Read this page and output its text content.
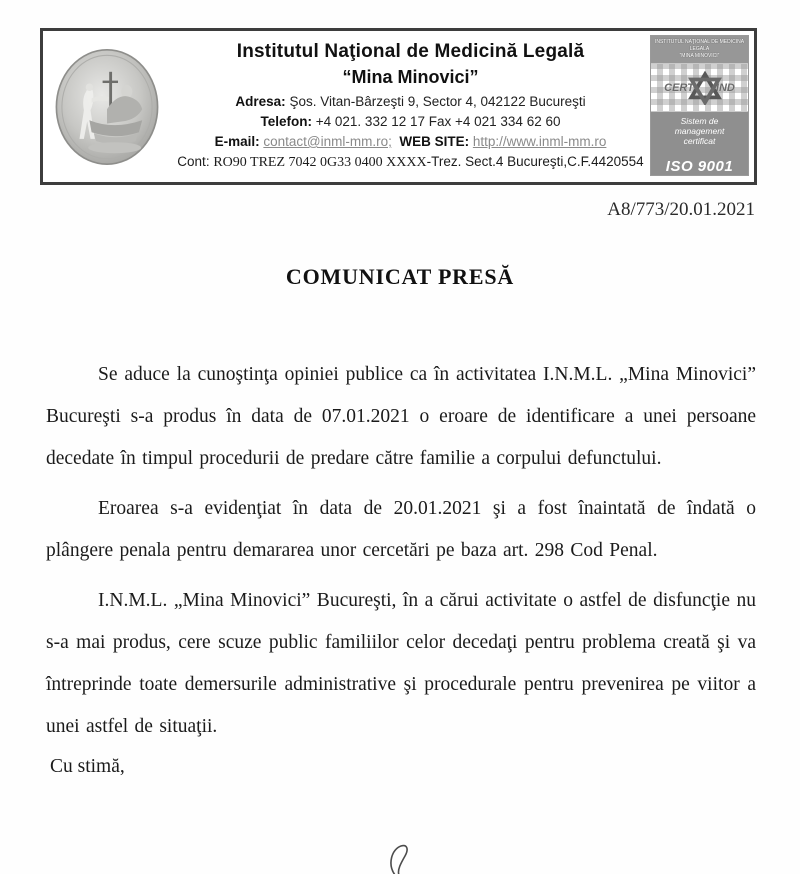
Institutul Naţional de Medicină Legală
“Mina Minovici”
Adresa: Şos. Vitan-Bârzeşti 9, Sector 4, 042122 Bucureşti
Telefon: +4 021. 332 12 17 Fax +4 021 334 62 60
E-mail: contact@inml-mm.ro; WEB SITE: http://www.inml-mm.ro
Cont: RO90 TREZ 7042 0G33 0400 XXXX-Trez. Sect.4 Bucureşti,C.F.4420554
INSTITUTUL NAŢIONAL DE MEDICINA LEGALA
“MINA MINOVICI”
CERT IND
Sistem de management
certificat
ISO 9001
A8/773/20.01.2021
COMUNICAT PRESĂ

Se aduce la cunoştinţa opiniei publice ca în activitatea I.N.M.L. „Mina Minovici” Bucureşti s-a produs în data de 07.01.2021 o eroare de identificare a unei persoane decedate în timpul procedurii de predare către familie a corpului defunctului.

Eroarea s-a evidenţiat în data de 20.01.2021 şi a fost înaintată de îndată o plângere penala pentru demararea unor cercetări pe baza art. 298 Cod Penal.

I.N.M.L. „Mina Minovici” Bucureşti, în a cărui activitate o astfel de disfuncţie nu s-a mai produs, cere scuze public familiilor celor decedaţi pentru problema creată şi va întreprinde toate demersurile administrative şi procedurale pentru prevenirea pe viitor a unei astfel de situaţii.

Cu stimă,
